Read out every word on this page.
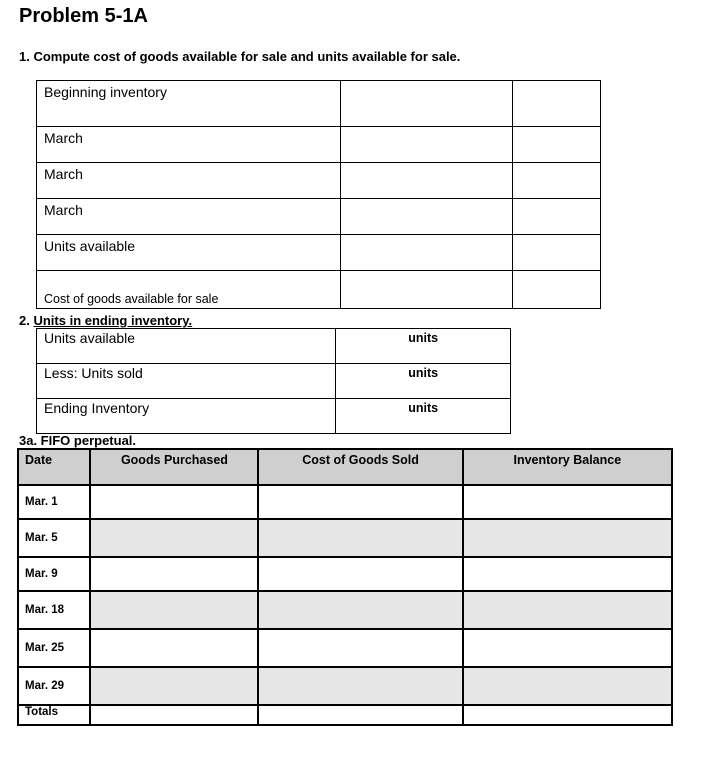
Problem 5-1A
1. Compute cost of goods available for sale and units available for sale.
Beginning inventory		
March		
March		
March		
Units available		
Cost of goods available for sale		
2. Units in ending inventory.
Units available	units
Less: Units sold	units
Ending Inventory	units
3a. FIFO perpetual.
Date	Goods Purchased	Cost of Goods Sold	Inventory Balance
Mar. 1			
Mar. 5			
Mar. 9			
Mar. 18			
Mar. 25			
Mar. 29			
Totals			
